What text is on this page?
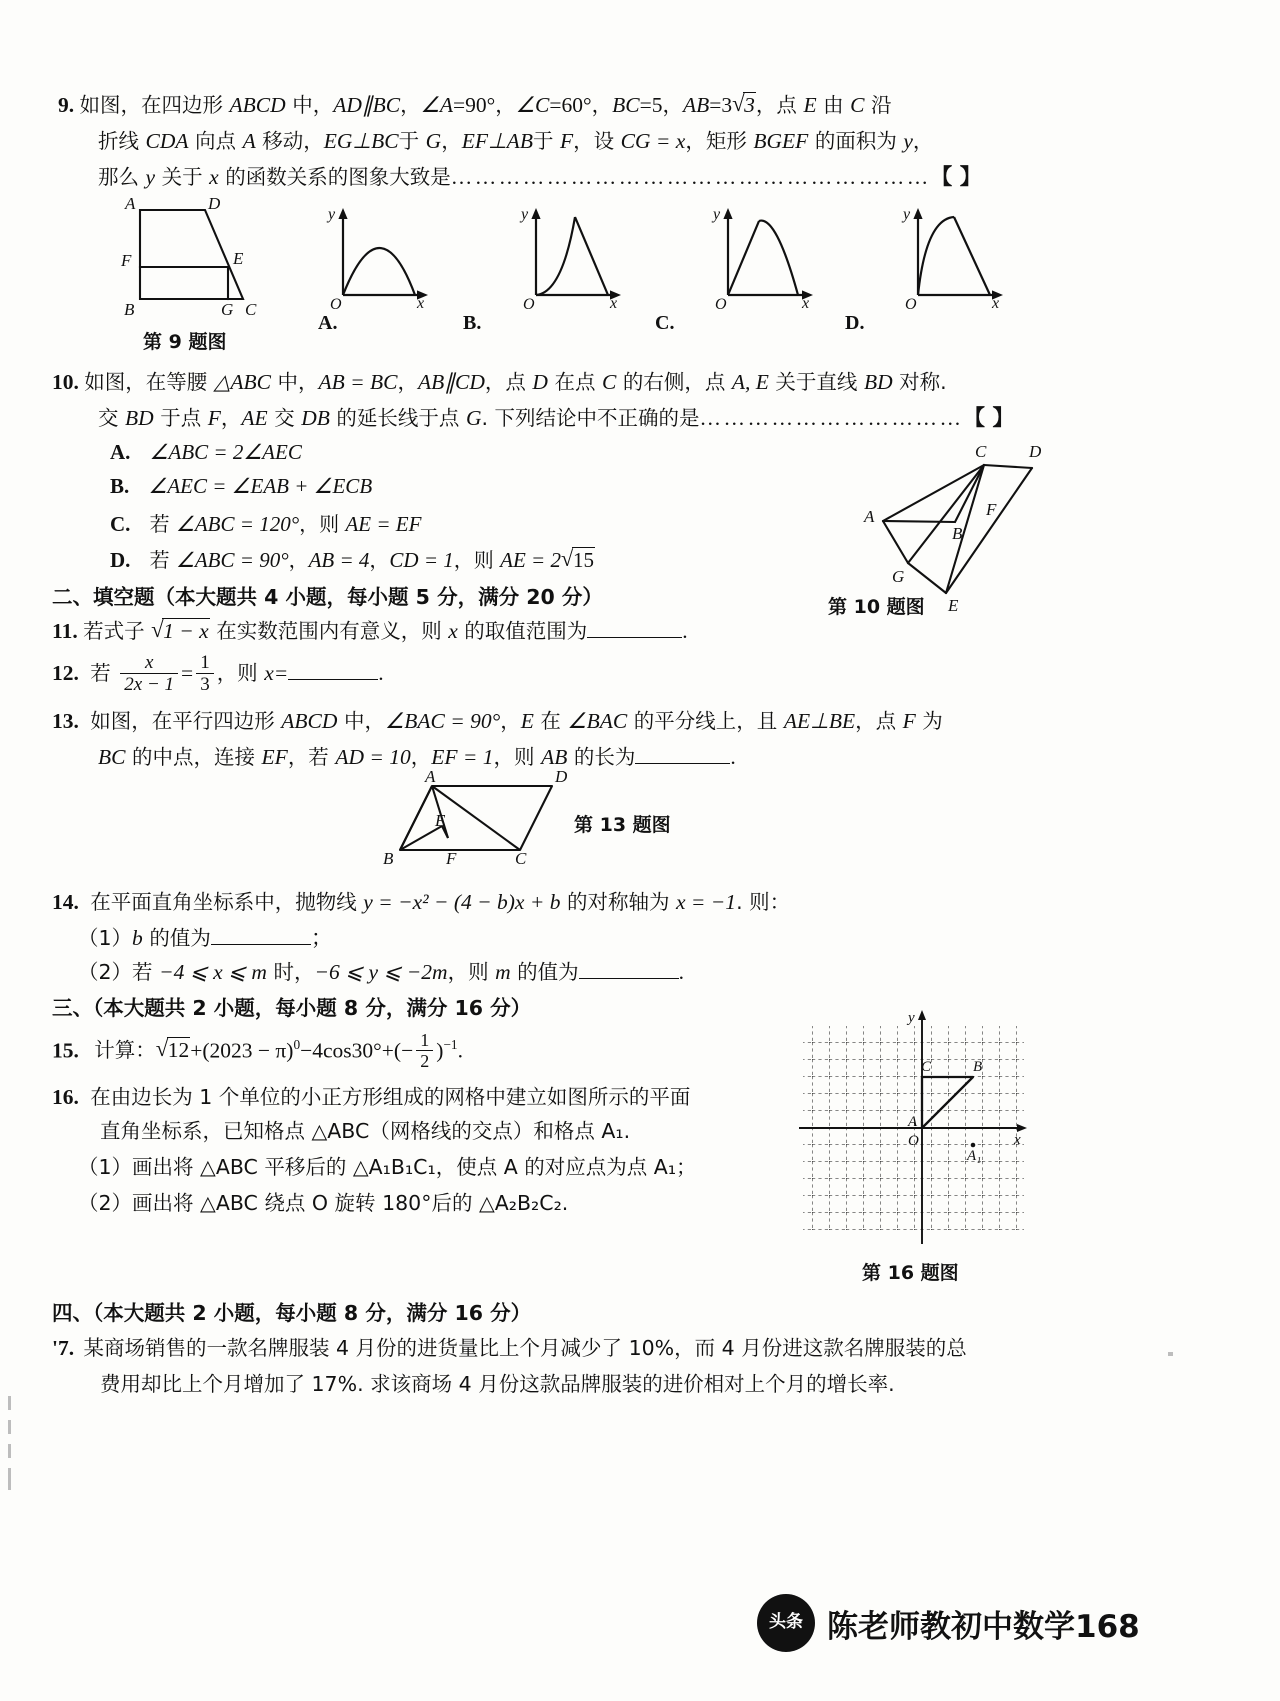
9. 如图，在四边形 ABCD 中，AD∥BC，∠A=90°，∠C=60°，BC=5，AB=3 √ 3，点 E 由 C 沿
折线 CDA 向点 A 移动，EG⊥BC于 G，EF⊥AB于 F，设 CG = x，矩形 BGEF 的面积为 y，
那么 y 关于 x 的函数关系的图象大致是……………………………………………………【 】
A	D
F	E
B	G C
第 9 题图
y
x
O
A.
y
x
O
B.
y
x
O
C.
y
x
O
D.
10. 如图，在等腰 △ABC 中，AB = BC，AB∥CD，点 D 在点 C 的右侧，点 A, E 关于直线 BD 对称.
交 BD 于点 F，AE 交 DB 的延长线于点 G. 下列结论中不正确的是……………………………【 】
A. ∠ABC = 2∠AEC
B. ∠AEC = ∠EAB + ∠ECB
C. 若 ∠ABC = 120°，则 AE = EF
D. 若 ∠ABC = 90°，AB = 4，CD = 1，则 AE = 2 √ 15
C	D
F
A
B
G
E
第 10 题图
二、填空题（本大题共 4 小题，每小题 5 分，满分 20 分）
11. 若式子 √ 1 − x 在实数范围内有意义，则 x 的取值范围为	.
12. 若 $\frac{x}{2x - 1} = \frac{1}{3}$ ，则 x=	.
13. 如图，在平行四边形 ABCD 中，∠BAC = 90°，E 在 ∠BAC 的平分线上，且 AE⊥BE，点 F 为
BC 的中点，连接 EF，若 AD = 10，EF = 1，则 AB 的长为	.
A	D
E
B	F	C
第 13 题图
14. 在平面直角坐标系中，抛物线 y = −x² − (4 − b)x + b 的对称轴为 x = −1. 则：
（1）b 的值为	；
（2）若 −4 ⩽ x ⩽ m 时，−6 ⩽ y ⩽ −2m，则 m 的值为	.
三、（本大题共 2 小题，每小题 8 分，满分 16 分）
15. 计算： √ $12+(2023 - \pi)^0-4\cos 30^\circ+(- \frac{1}{2} )^{-1}$.
16. 在由边长为 1 个单位的小正方形组成的网格中建立如图所示的平面
直角坐标系，已知格点 △ABC（网格线的交点）和格点 A₁.
（1）画出将 △ABC 平移后的 △A₁B₁C₁，使点 A 的对应点为点 A₁；
（2）画出将 △ABC 绕点 O 旋转 180°后的 △A₂B₂C₂.
y
x
O
A
B
C
A₁
第 16 题图
四、（本大题共 2 小题，每小题 8 分，满分 16 分）
'7. 某商场销售的一款名牌服装 4 月份的进货量比上个月减少了 10%，而 4 月份进这款名牌服装的总
费用却比上个月增加了 17%. 求该商场 4 月份这款品牌服装的进价相对上个月的增长率.
头条 陈老师教初中数学168
